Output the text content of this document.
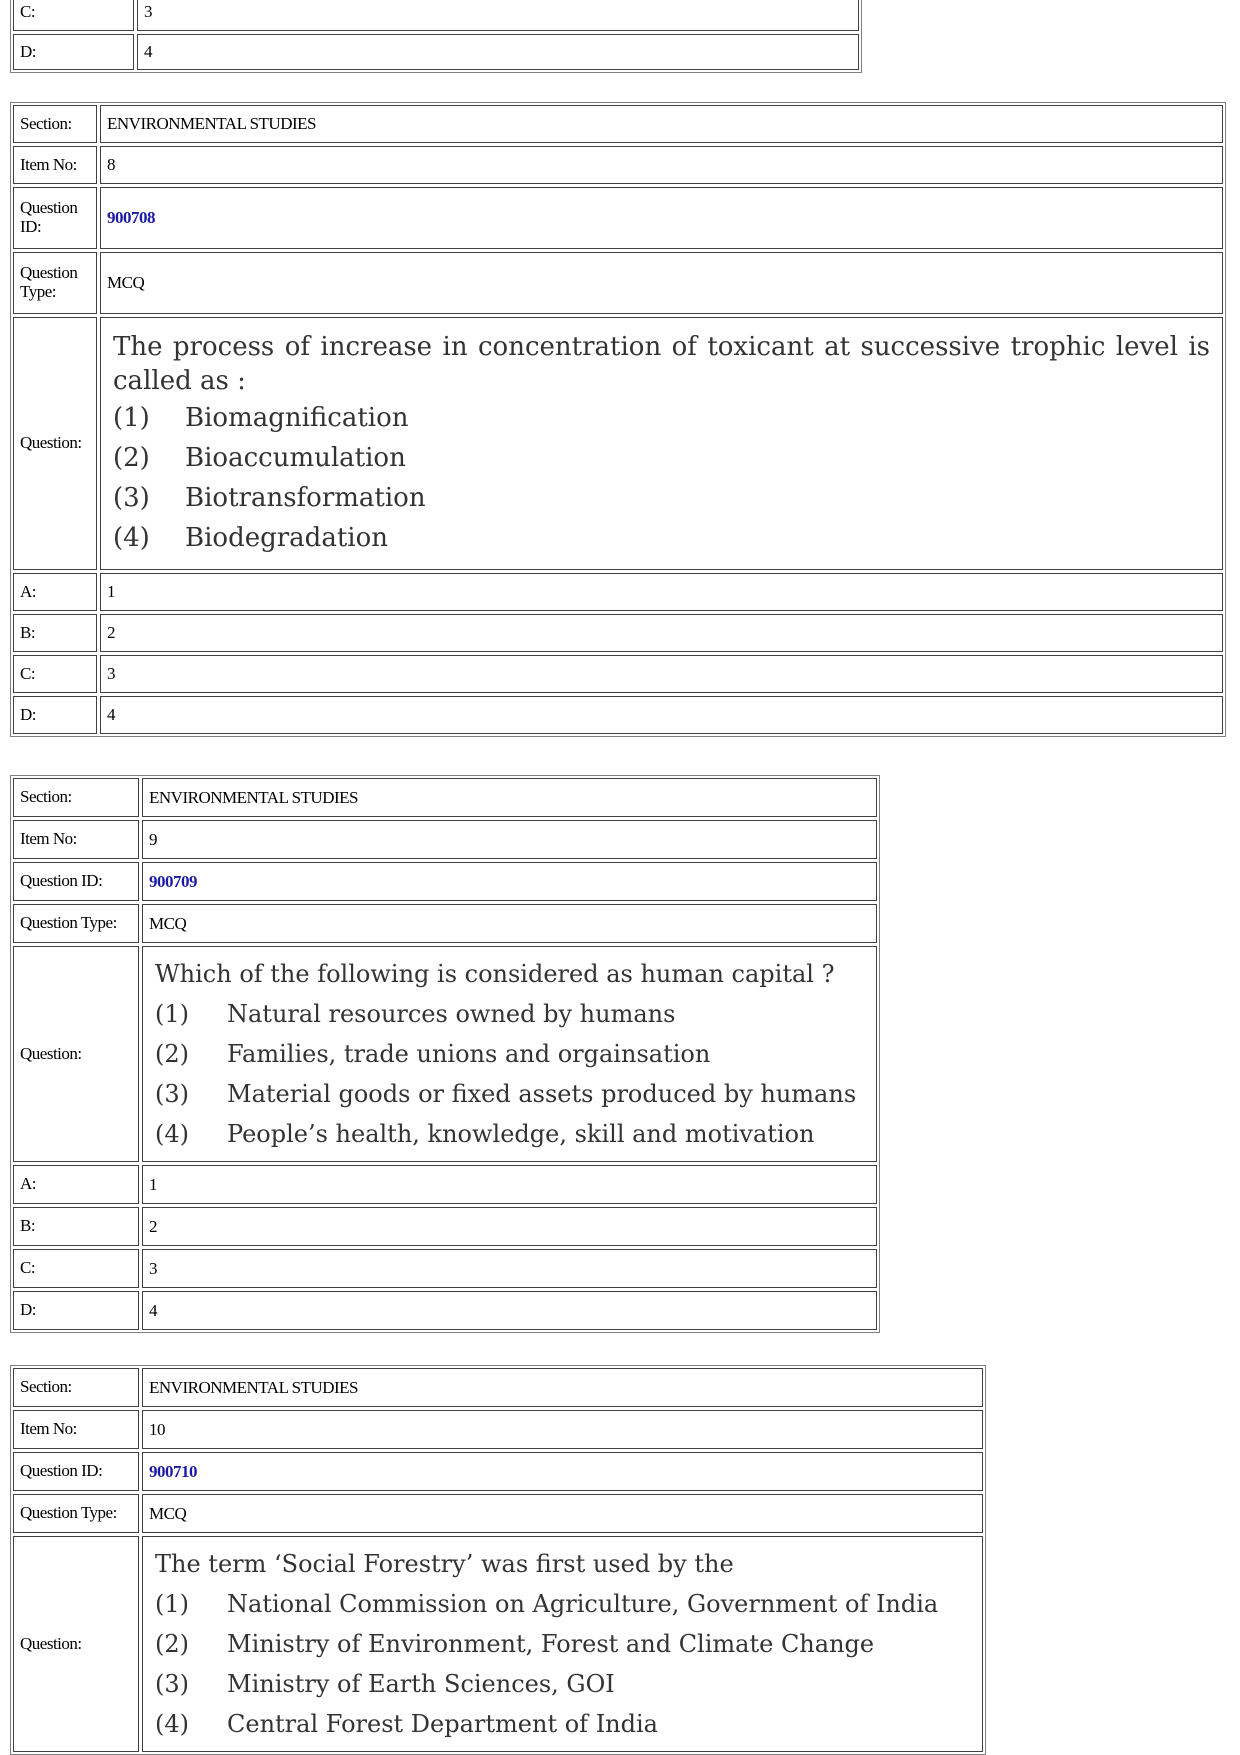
C:	3
D:	4
Section:	ENVIRONMENTAL STUDIES
Item No:	8
Question ID:	900708
Question Type:	MCQ
Question:
The process of increase in concentration of toxicant at successive trophic level is called as :
(1)	Biomagnification
(2)	Bioaccumulation
(3)	Biotransformation
(4)	Biodegradation
A:	1
B:	2
C:	3
D:	4
Section:	ENVIRONMENTAL STUDIES
Item No:	9
Question ID:	900709
Question Type:	MCQ
Question:
Which of the following is considered as human capital ?
(1)	Natural resources owned by humans
(2)	Families, trade unions and orgainsation
(3)	Material goods or fixed assets produced by humans
(4)	People’s health, knowledge, skill and motivation
A:	1
B:	2
C:	3
D:	4
Section:	ENVIRONMENTAL STUDIES
Item No:	10
Question ID:	900710
Question Type:	MCQ
Question:
The term ‘Social Forestry’ was first used by the
(1)	National Commission on Agriculture, Government of India
(2)	Ministry of Environment, Forest and Climate Change
(3)	Ministry of Earth Sciences, GOI
(4)	Central Forest Department of India
